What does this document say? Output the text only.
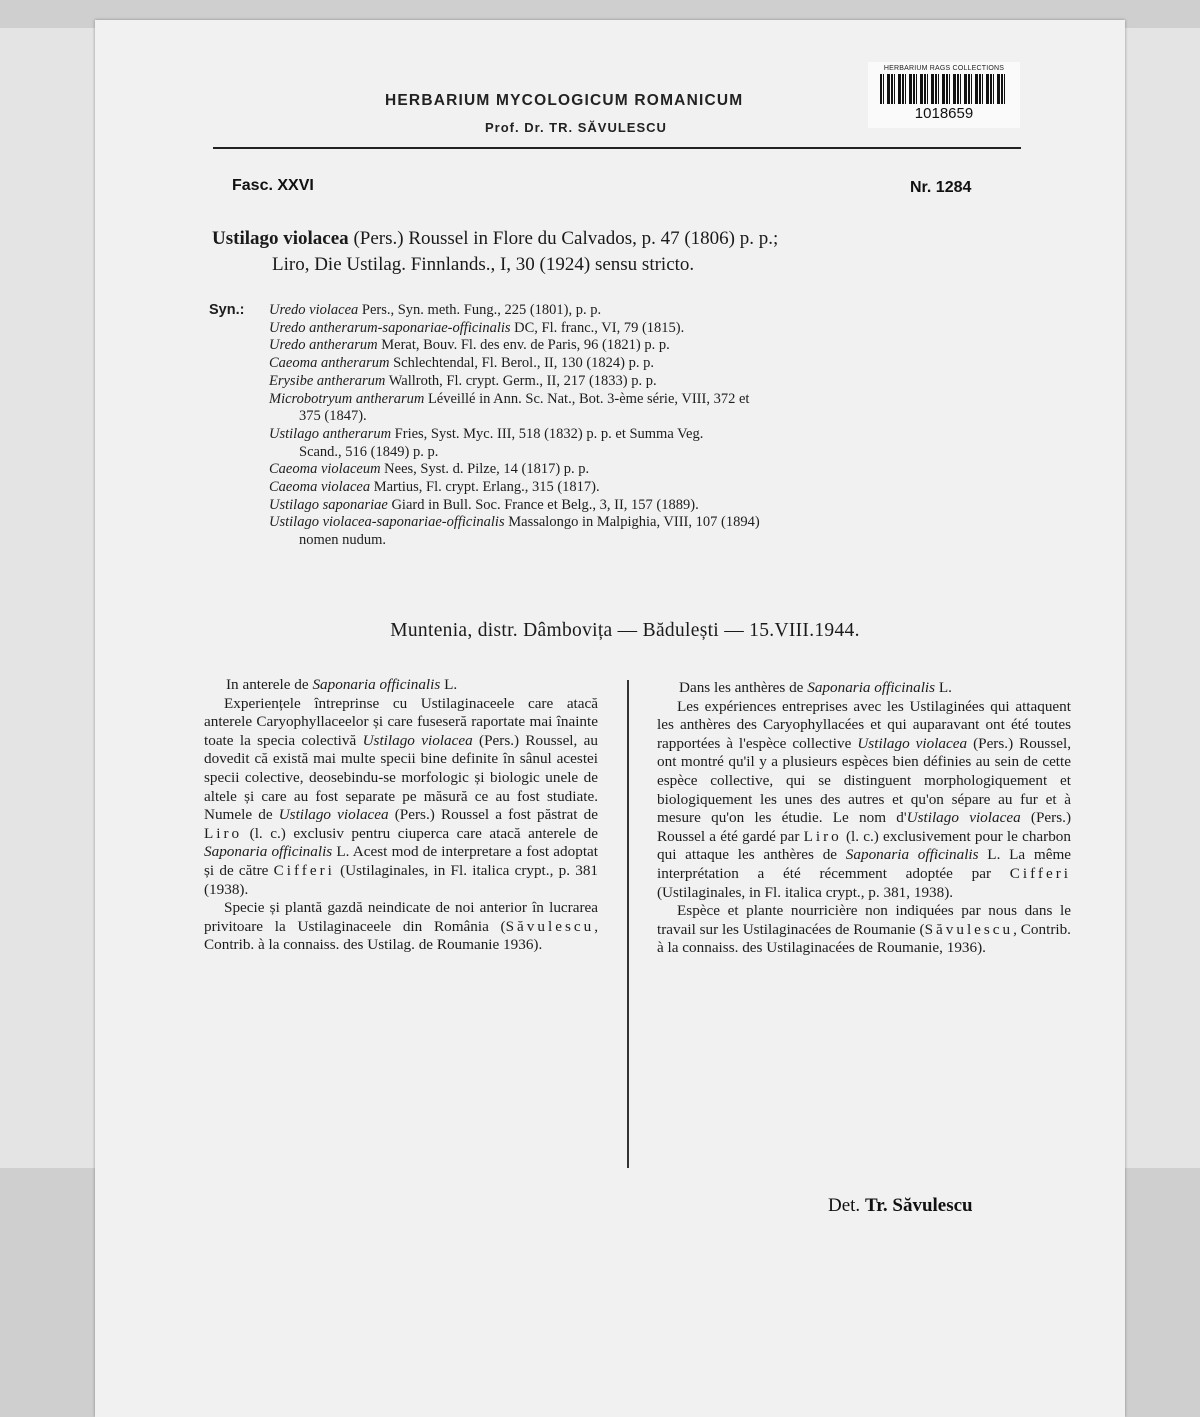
HERBARIUM RAGS COLLECTIONS
1018659
HERBARIUM MYCOLOGICUM ROMANICUM
Prof. Dr. TR. SĂVULESCU
Fasc. XXVI	Nr. 1284
Ustilago violacea (Pers.) Roussel in Flore du Calvados, p. 47 (1806) p. p.;
Liro, Die Ustilag. Finnlands., I, 30 (1924) sensu stricto.
Syn.: Uredo violacea Pers., Syn. meth. Fung., 225 (1801), p. p.
Uredo antherarum-saponariae-officinalis DC, Fl. franc., VI, 79 (1815).
Uredo antherarum Merat, Bouv. Fl. des env. de Paris, 96 (1821) p. p.
Caeoma antherarum Schlechtendal, Fl. Berol., II, 130 (1824) p. p.
Erysibe antherarum Wallroth, Fl. crypt. Germ., II, 217 (1833) p. p.
Microbotryum antherarum Léveillé in Ann. Sc. Nat., Bot. 3-ème série, VIII, 372 et
375 (1847).
Ustilago antherarum Fries, Syst. Myc. III, 518 (1832) p. p. et Summa Veg.
Scand., 516 (1849) p. p.
Caeoma violaceum Nees, Syst. d. Pilze, 14 (1817) p. p.
Caeoma violacea Martius, Fl. crypt. Erlang., 315 (1817).
Ustilago saponariae Giard in Bull. Soc. France et Belg., 3, II, 157 (1889).
Ustilago violacea-saponariae-officinalis Massalongo in Malpighia, VIII, 107 (1894)
nomen nudum.
Muntenia, distr. Dâmbovița — Bădulești — 15.VIII.1944.

In anterele de Saponaria officinalis L.

Experiențele întreprinse cu Ustilaginaceele care atacă anterele Caryophyllaceelor și care fuseseră raportate mai înainte toate la specia colectivă Ustilago violacea (Pers.) Roussel, au dovedit că există mai multe specii bine definite în sânul acestei specii colective, deosebindu-se morfologic și biologic unele de altele și care au fost separate pe măsură ce au fost studiate. Numele de Ustilago violacea (Pers.) Roussel a fost păstrat de Liro (l. c.) exclusiv pentru ciuperca care atacă anterele de Saponaria officinalis L. Acest mod de interpretare a fost adoptat și de către Cifferi (Ustilaginales, in Fl. italica crypt., p. 381 (1938).

Specie și plantă gazdă neindicate de noi anterior în lucrarea privitoare la Ustilaginaceele din România (Săvulescu, Contrib. à la connaiss. des Ustilag. de Roumanie 1936).

Dans les anthères de Saponaria officinalis L.

Les expériences entreprises avec les Ustilaginées qui attaquent les anthères des Caryophyllacées et qui auparavant ont été toutes rapportées à l'espèce collective Ustilago violacea (Pers.) Roussel, ont montré qu'il y a plusieurs espèces bien définies au sein de cette espèce collective, qui se distinguent morphologiquement et biologiquement les unes des autres et qu'on sépare au fur et à mesure qu'on les étudie. Le nom d'Ustilago violacea (Pers.) Roussel a été gardé par Liro (l. c.) exclusivement pour le charbon qui attaque les anthères de Saponaria officinalis L. La même interprétation a été récemment adoptée par Cifferi (Ustilaginales, in Fl. italica crypt., p. 381, 1938).

Espèce et plante nourricière non indiquées par nous dans le travail sur les Ustilaginacées de Roumanie (Săvulescu, Contrib. à la connaiss. des Ustilaginacées de Roumanie, 1936).

Det. Tr. Săvulescu
